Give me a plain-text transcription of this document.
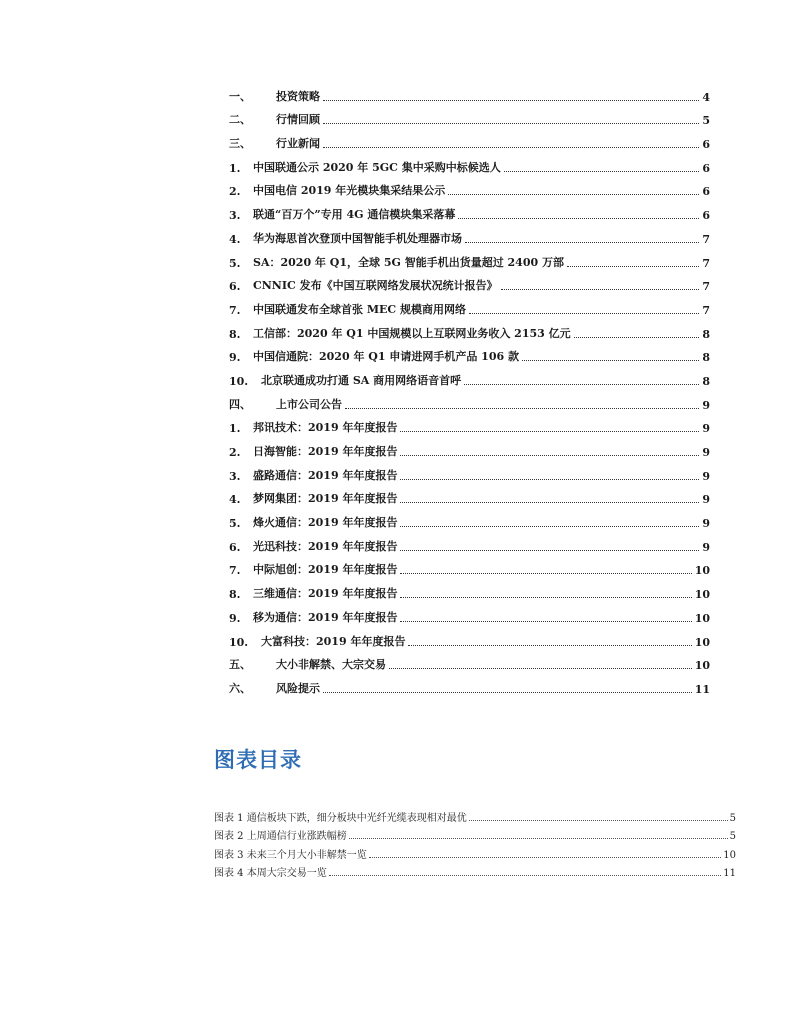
一、	投资策略	4
二、	行情回顾	5
三、	行业新闻	6
1.	中国联通公示 2020 年 5GC 集中采购中标候选人	6
2.	中国电信 2019 年光模块集采结果公示	6
3.	联通“百万个”专用 4G 通信模块集采落幕	6
4.	华为海思首次登顶中国智能手机处理器市场	7
5.	SA：2020 年 Q1，全球 5G 智能手机出货量超过 2400 万部	7
6.	CNNIC 发布《中国互联网络发展状况统计报告》	7
7.	中国联通发布全球首张 MEC 规模商用网络	7
8.	工信部：2020 年 Q1 中国规模以上互联网业务收入 2153 亿元	8
9.	中国信通院：2020 年 Q1 申请进网手机产品 106 款	8
10.	北京联通成功打通 SA 商用网络语音首呼	8
四、	上市公司公告	9
1.	邦讯技术：2019 年年度报告	9
2.	日海智能：2019 年年度报告	9
3.	盛路通信：2019 年年度报告	9
4.	梦网集团：2019 年年度报告	9
5.	烽火通信：2019 年年度报告	9
6.	光迅科技：2019 年年度报告	9
7.	中际旭创：2019 年年度报告	10
8.	三维通信：2019 年年度报告	10
9.	移为通信：2019 年年度报告	10
10.	大富科技：2019 年年度报告	10
五、	大小非解禁、大宗交易	10
六、	风险提示	11
图表目录
图表 1 通信板块下跌，细分板块中光纤光缆表现相对最优	5
图表 2 上周通信行业涨跌幅榜	5
图表 3 未来三个月大小非解禁一览	10
图表 4 本周大宗交易一览	11
